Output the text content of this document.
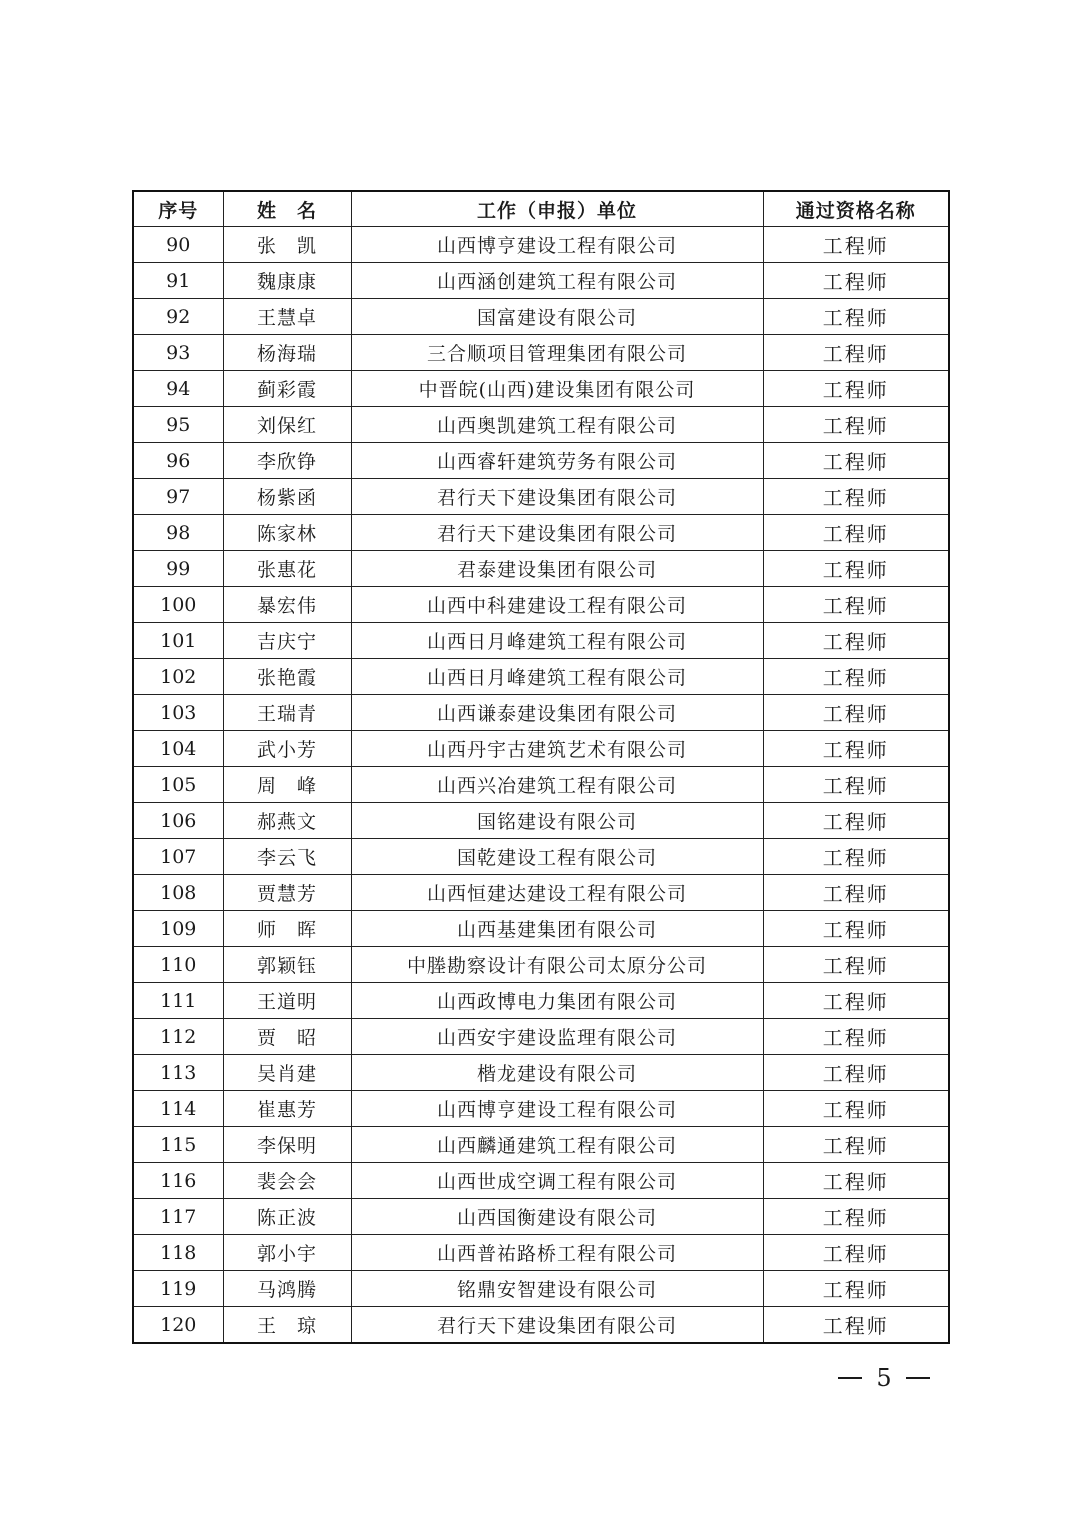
序号	姓　名	工作（申报）单位	通过资格名称
90	张　凯	山西博亨建设工程有限公司	工程师
91	魏康康	山西涵创建筑工程有限公司	工程师
92	王慧卓	国富建设有限公司	工程师
93	杨海瑞	三合顺项目管理集团有限公司	工程师
94	蓟彩霞	中晋皖(山西)建设集团有限公司	工程师
95	刘保红	山西奥凯建筑工程有限公司	工程师
96	李欣铮	山西睿轩建筑劳务有限公司	工程师
97	杨紫函	君行天下建设集团有限公司	工程师
98	陈家林	君行天下建设集团有限公司	工程师
99	张惠花	君泰建设集团有限公司	工程师
100	暴宏伟	山西中科建建设工程有限公司	工程师
101	吉庆宁	山西日月峰建筑工程有限公司	工程师
102	张艳霞	山西日月峰建筑工程有限公司	工程师
103	王瑞青	山西谦泰建设集团有限公司	工程师
104	武小芳	山西丹宇古建筑艺术有限公司	工程师
105	周　峰	山西兴冶建筑工程有限公司	工程师
106	郝燕文	国铭建设有限公司	工程师
107	李云飞	国乾建设工程有限公司	工程师
108	贾慧芳	山西恒建达建设工程有限公司	工程师
109	师　晖	山西基建集团有限公司	工程师
110	郭颖钰	中塍勘察设计有限公司太原分公司	工程师
111	王道明	山西政博电力集团有限公司	工程师
112	贾　昭	山西安宇建设监理有限公司	工程师
113	吴肖建	楷龙建设有限公司	工程师
114	崔惠芳	山西博亨建设工程有限公司	工程师
115	李保明	山西麟通建筑工程有限公司	工程师
116	裴会会	山西世成空调工程有限公司	工程师
117	陈正波	山西国衡建设有限公司	工程师
118	郭小宇	山西普祐路桥工程有限公司	工程师
119	马鸿腾	铭鼎安智建设有限公司	工程师
120	王　琼	君行天下建设集团有限公司	工程师
5
